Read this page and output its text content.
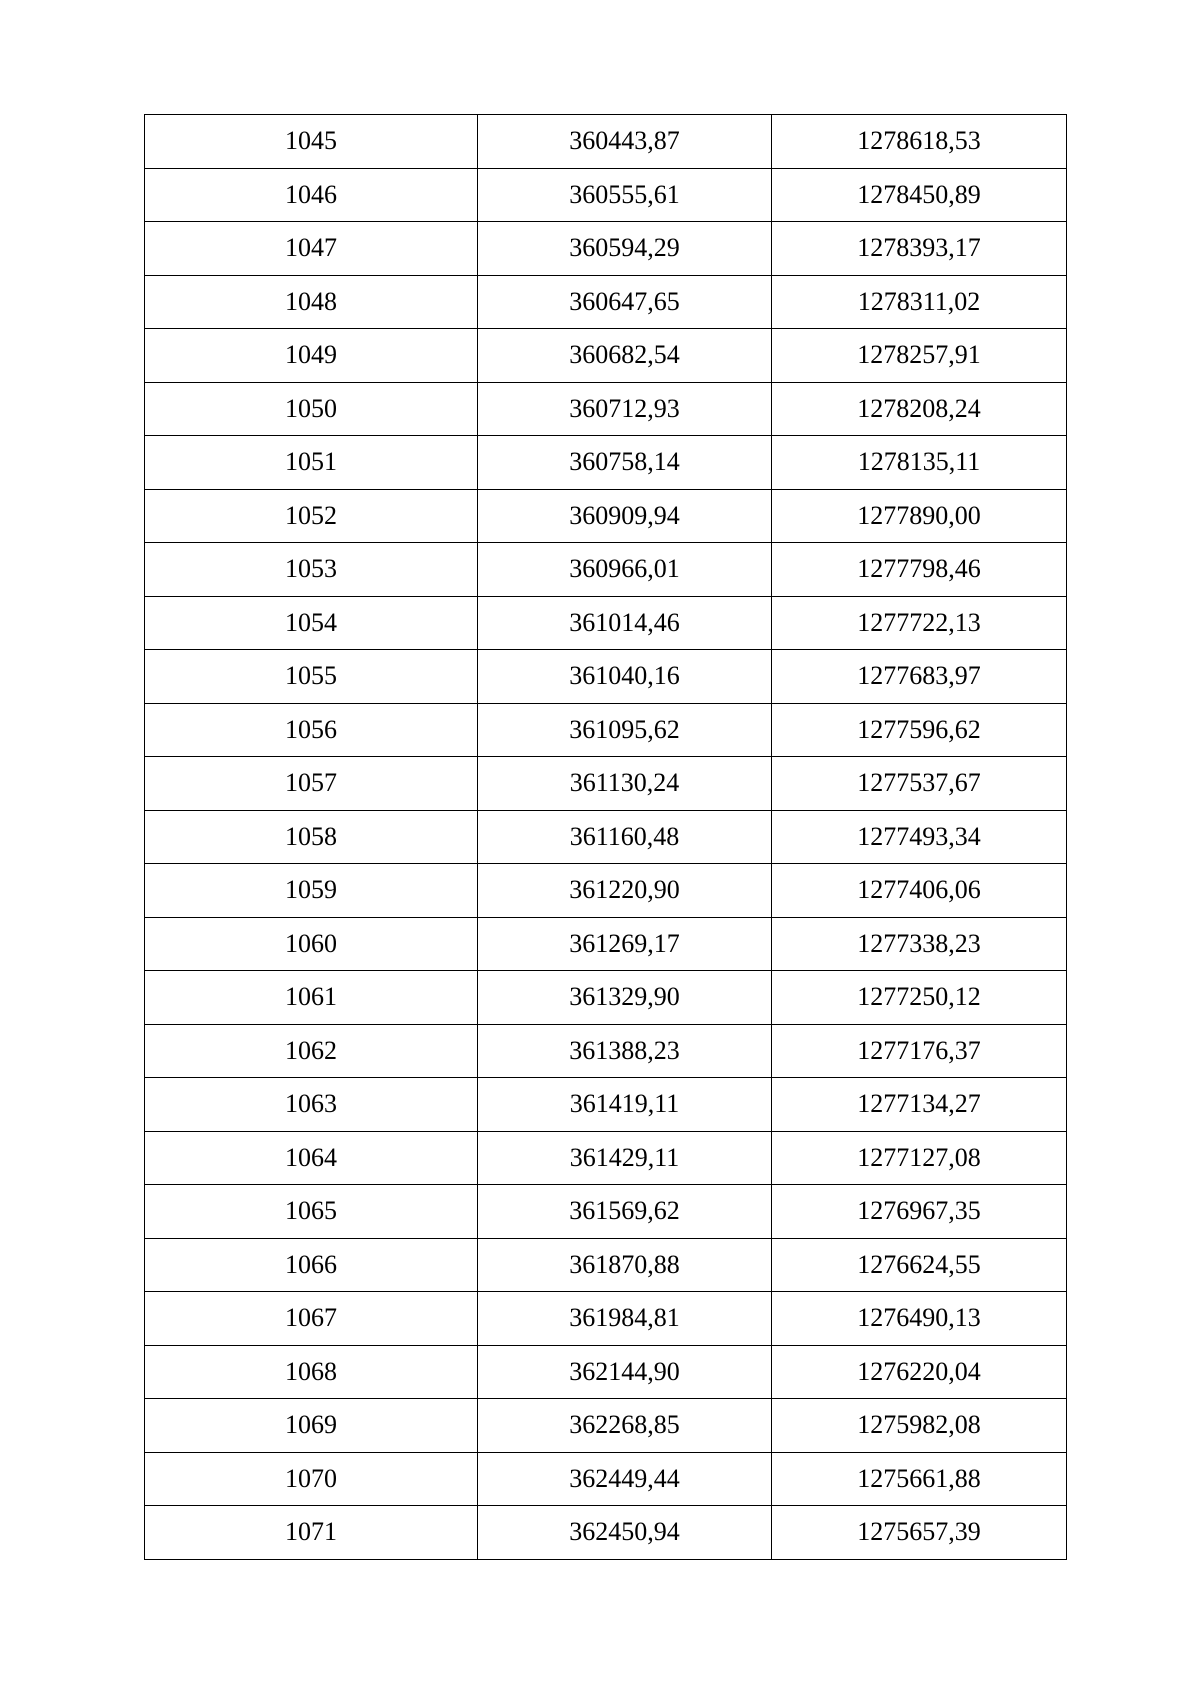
1045	360443,87	1278618,53
1046	360555,61	1278450,89
1047	360594,29	1278393,17
1048	360647,65	1278311,02
1049	360682,54	1278257,91
1050	360712,93	1278208,24
1051	360758,14	1278135,11
1052	360909,94	1277890,00
1053	360966,01	1277798,46
1054	361014,46	1277722,13
1055	361040,16	1277683,97
1056	361095,62	1277596,62
1057	361130,24	1277537,67
1058	361160,48	1277493,34
1059	361220,90	1277406,06
1060	361269,17	1277338,23
1061	361329,90	1277250,12
1062	361388,23	1277176,37
1063	361419,11	1277134,27
1064	361429,11	1277127,08
1065	361569,62	1276967,35
1066	361870,88	1276624,55
1067	361984,81	1276490,13
1068	362144,90	1276220,04
1069	362268,85	1275982,08
1070	362449,44	1275661,88
1071	362450,94	1275657,39
